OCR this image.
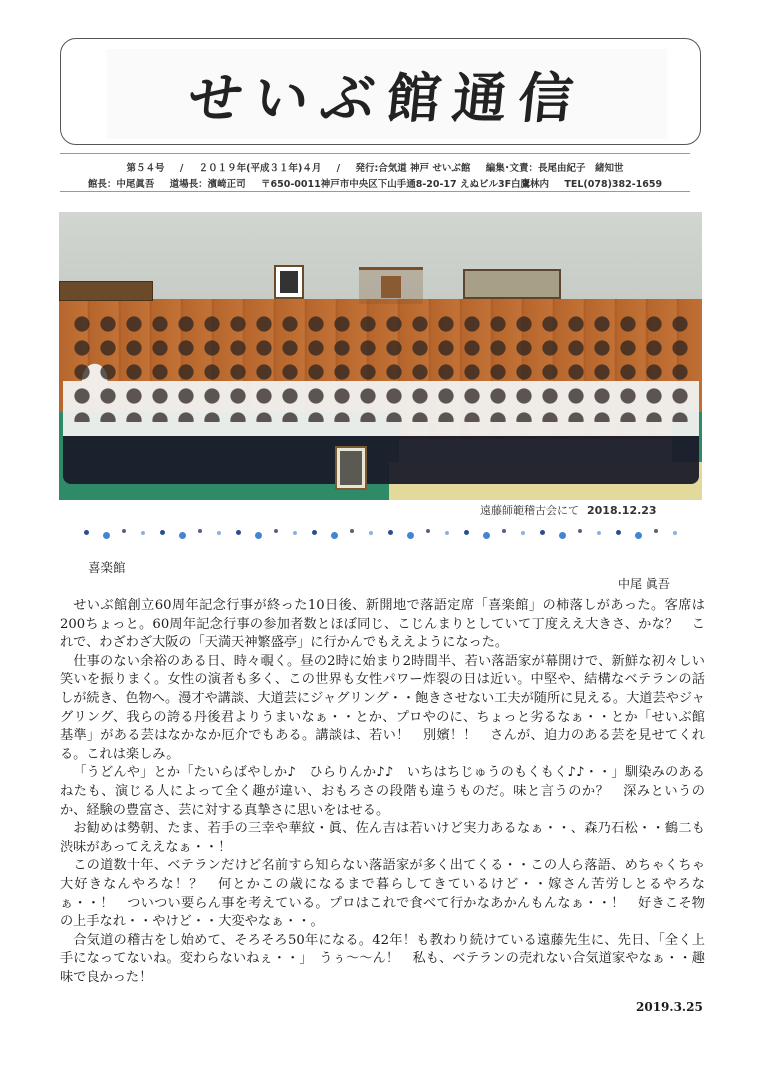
せいぶ館通信
第５４号 / ２０１９年(平成３１年)４月 / 発行:合気道 神戸 せいぶ館 編集･文責：長尾由紀子　緒知世
館長：中尾眞吾 道場長：濱崎正司 〒650-0011神戸市中央区下山手通8-20-17 えぬビル3F白鷹林内 TEL(078)382-1659
遠藤師範稽古会にて 2018.12.23
喜楽館
中尾 眞吾

せいぶ館創立60周年記念行事が終った10日後、新開地で落語定席「喜楽館」の柿落しがあった。客席は200ちょっと。60周年記念行事の参加者数とほぼ同じ、こじんまりとしていて丁度ええ大きさ、かな？　これで、わざわざ大阪の「天満天神繁盛亭」に行かんでもええようになった。

仕事のない余裕のある日、時々覗く。昼の2時に始まり2時間半、若い落語家が幕開けで、新鮮な初々しい笑いを振りまく。女性の演者も多く、この世界も女性パワー炸裂の日は近い。中堅や、結構なベテランの話しが続き、色物へ。漫才や講談、大道芸にジャグリング・・飽きさせない工夫が随所に見える。大道芸やジャグリング、我らの誇る丹後君よりうまいなぁ・・とか、プロやのに、ちょっと劣るなぁ・・とか「せいぶ館基準」がある芸はなかなか厄介でもある。講談は、若い！　別嬪！！　さんが、迫力のある芸を見せてくれる。これは楽しみ。

「うどんや」とか「たいらばやしか♪　ひらりんか♪♪　いちはちじゅうのもくもく♪♪・・」馴染みのあるねたも、演じる人によって全く趣が違い、おもろさの段階も違うものだ。味と言うのか？　深みというのか、経験の豊富さ、芸に対する真摯さに思いをはせる。

お勧めは勢朝、たま、若手の三幸や華紋・眞、佐ん吉は若いけど実力あるなぁ・・、森乃石松・・鶴二も渋味があってええなぁ・・！

この道数十年、ベテランだけど名前すら知らない落語家が多く出てくる・・この人ら落語、めちゃくちゃ大好きなんやろな！？　何とかこの歳になるまで暮らしてきているけど・・嫁さん苦労しとるやろなぁ・・！　ついつい要らん事を考えている。プロはこれで食べて行かなあかんもんなぁ・・！　好きこそ物の上手なれ・・やけど・・大変やなぁ・・。

合気道の稽古をし始めて、そろそろ50年になる。42年！も教わり続けている遠藤先生に、先日、「全く上手になってないね。変わらないねぇ・・」　うぅ〜〜ん！　私も、ベテランの売れない合気道家やなぁ・・趣味で良かった！

2019.3.25
